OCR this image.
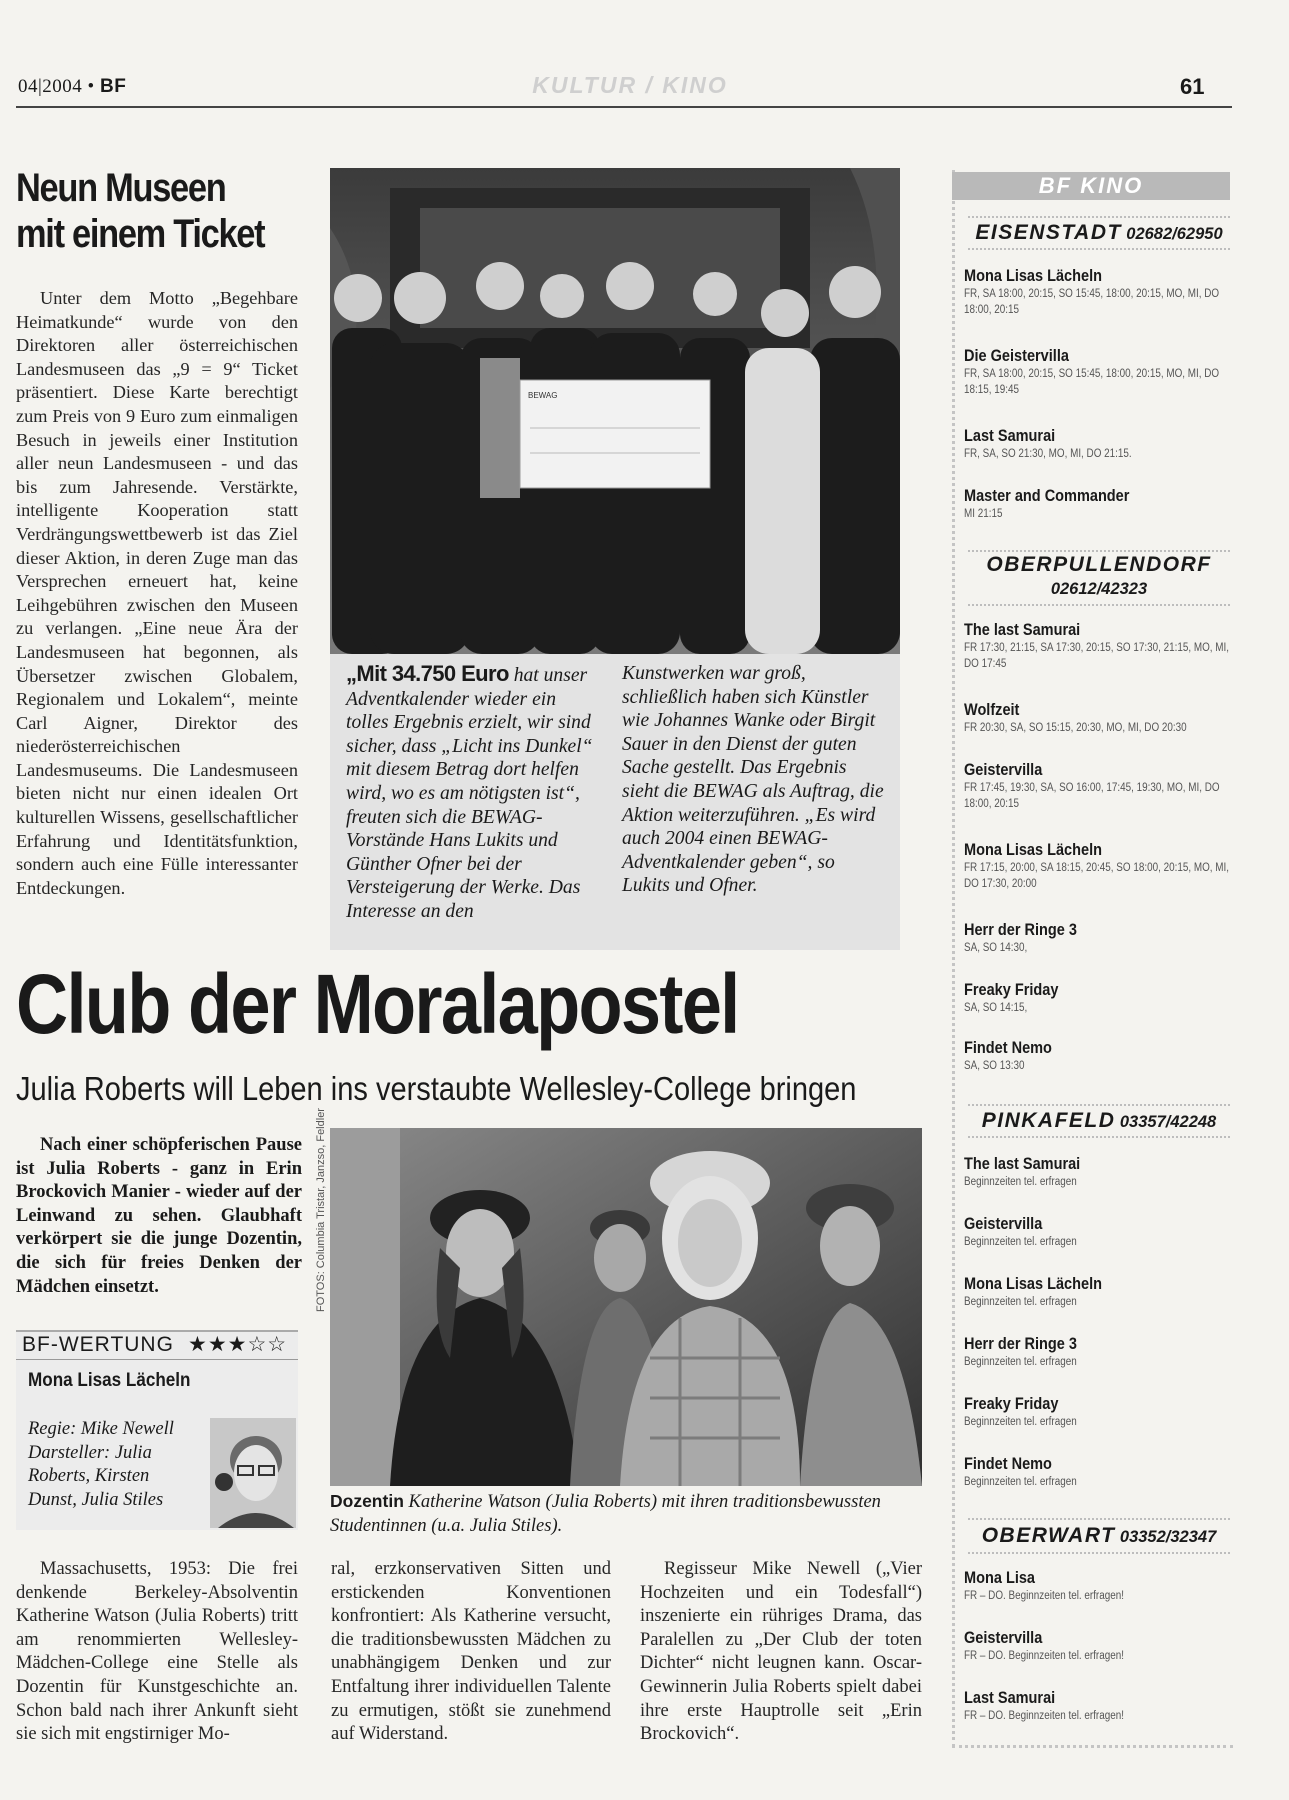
04|2004 • BF	KULTUR / KINO	61
Neun Museen
mit einem Ticket

Unter dem Motto „Begehbare Heimatkunde“ wurde von den Direktoren aller österreichischen Landesmuseen das „9 = 9“ Ticket präsentiert. Diese Karte berechtigt zum Preis von 9 Euro zum einmaligen Besuch in jeweils einer Institution aller neun Landesmuseen - und das bis zum Jahresende. Verstärkte, intelligente Kooperation statt Verdrängungswettbewerb ist das Ziel dieser Aktion, in deren Zuge man das Versprechen erneuert hat, keine Leihgebühren zwischen den Museen zu verlangen. „Eine neue Ära der Landesmuseen hat begonnen, als Übersetzer zwischen Globalem, Regionalem und Lokalem“, meinte Carl Aigner, Direktor des niederösterreichischen Landesmuseums. Die Landesmuseen bieten nicht nur einen idealen Ort kulturellen Wissens, gesellschaftlicher Erfahrung und Identitätsfunktion, sondern auch eine Fülle interessanter Entdeckungen.

BEWAG
„Mit 34.750 Euro hat unser Adventkalender wieder ein tolles Ergebnis erzielt, wir sind sicher, dass „Licht ins Dunkel“ mit diesem Betrag dort helfen wird, wo es am nötigsten ist“, freuten sich die BEWAG-Vorstände Hans Lukits und Günther Ofner bei der Versteigerung der Werke. Das Interesse an den
Kunstwerken war groß, schließlich haben sich Künstler wie Johannes Wanke oder Birgit Sauer in den Dienst der guten Sache gestellt. Das Ergebnis sieht die BEWAG als Auftrag, die Aktion weiterzuführen. „Es wird auch 2004 einen BEWAG-Adventkalender geben“, so Lukits und Ofner.
Club der Moralapostel
Julia Roberts will Leben ins verstaubte Wellesley-College bringen
Nach einer schöpferischen Pause ist Julia Roberts - ganz in Erin Brockovich Manier - wieder auf der Leinwand zu sehen. Glaubhaft verkörpert sie die junge Dozentin, die sich für freies Denken der Mädchen einsetzt.
BF-WERTUNG ★★★☆☆
Mona Lisas Lächeln
Regie: Mike Newell Darsteller: Julia Roberts, Kirsten Dunst, Julia Stiles
FOTOS: Columbia Tristar, Janzso, Feldler
Dozentin Katherine Watson (Julia Roberts) mit ihren traditionsbewussten Studentinnen (u.a. Julia Stiles).

Massachusetts, 1953: Die frei denkende Berkeley-Absolventin Katherine Watson (Julia Roberts) tritt am renommierten Wellesley-Mädchen-College eine Stelle als Dozentin für Kunstgeschichte an. Schon bald nach ihrer Ankunft sieht sie sich mit engstirniger Mo-

ral, erzkonservativen Sitten und erstickenden Konventionen konfrontiert: Als Katherine versucht, die traditionsbewussten Mädchen zu unabhängigem Denken und zur Entfaltung ihrer individuellen Talente zu ermutigen, stößt sie zunehmend auf Widerstand.

Regisseur Mike Newell („Vier Hochzeiten und ein Todesfall“) inszenierte ein rühriges Drama, das Paralellen zu „Der Club der toten Dichter“ nicht leugnen kann. Oscar-Gewinnerin Julia Roberts spielt dabei ihre erste Hauptrolle seit „Erin Brockovich“.

BF KINO
EISENSTADT 02682/62950
Mona Lisas Lächeln
FR, SA 18:00, 20:15, SO 15:45, 18:00, 20:15, MO, MI, DO 18:00, 20:15
Die Geistervilla
FR, SA 18:00, 20:15, SO 15:45, 18:00, 20:15, MO, MI, DO 18:15, 19:45
Last Samurai
FR, SA, SO 21:30, MO, MI, DO 21:15.
Master and Commander
MI 21:15
OBERPULLENDORF
02612/42323
The last Samurai
FR 17:30, 21:15, SA 17:30, 20:15, SO 17:30, 21:15, MO, MI, DO 17:45
Wolfzeit
FR 20:30, SA, SO 15:15, 20:30, MO, MI, DO 20:30
Geistervilla
FR 17:45, 19:30, SA, SO 16:00, 17:45, 19:30, MO, MI, DO 18:00, 20:15
Mona Lisas Lächeln
FR 17:15, 20:00, SA 18:15, 20:45, SO 18:00, 20:15, MO, MI, DO 17:30, 20:00
Herr der Ringe 3
SA, SO 14:30,
Freaky Friday
SA, SO 14:15,
Findet Nemo
SA, SO 13:30
PINKAFELD 03357/42248
The last Samurai
Beginnzeiten tel. erfragen
Geistervilla
Beginnzeiten tel. erfragen
Mona Lisas Lächeln
Beginnzeiten tel. erfragen
Herr der Ringe 3
Beginnzeiten tel. erfragen
Freaky Friday
Beginnzeiten tel. erfragen
Findet Nemo
Beginnzeiten tel. erfragen
OBERWART 03352/32347
Mona Lisa
FR – DO. Beginnzeiten tel. erfragen!
Geistervilla
FR – DO. Beginnzeiten tel. erfragen!
Last Samurai
FR – DO. Beginnzeiten tel. erfragen!
